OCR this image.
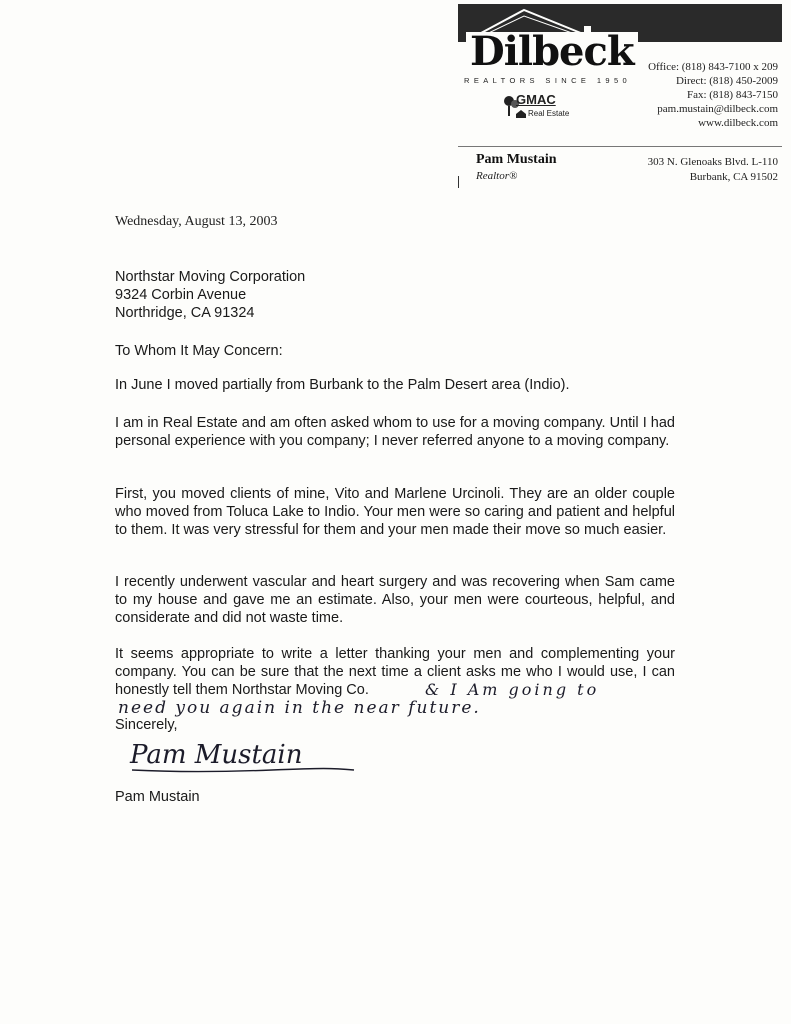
Dilbeck
REALTORS SINCE 1950
GMAC
Real Estate
Office: (818) 843-7100 x 209
Direct: (818) 450-2009
Fax: (818) 843-7150
pam.mustain@dilbeck.com
www.dilbeck.com
Pam Mustain
Realtor®
303 N. Glenoaks Blvd. L-110
Burbank, CA 91502
Wednesday, August 13, 2003
Northstar Moving Corporation
9324 Corbin Avenue
Northridge, CA 91324

To Whom It May Concern:

In June I moved partially from Burbank to the Palm Desert area (Indio).

I am in Real Estate and am often asked whom to use for a moving company. Until I had personal experience with you company; I never referred anyone to a moving company.

First, you moved clients of mine, Vito and Marlene Urcinoli. They are an older couple who moved from Toluca Lake to Indio. Your men were so caring and patient and helpful to them. It was very stressful for them and your men made their move so much easier.

I recently underwent vascular and heart surgery and was recovering when Sam came to my house and gave me an estimate. Also, your men were courteous, helpful, and considerate and did not waste time.

It seems appropriate to write a letter thanking your men and complementing your company. You can be sure that the next time a client asks me who I would use, I can honestly tell them Northstar Moving Co.	& I Am going to
need you again in the near future.

Sincerely,

Pam Mustain

Pam Mustain
